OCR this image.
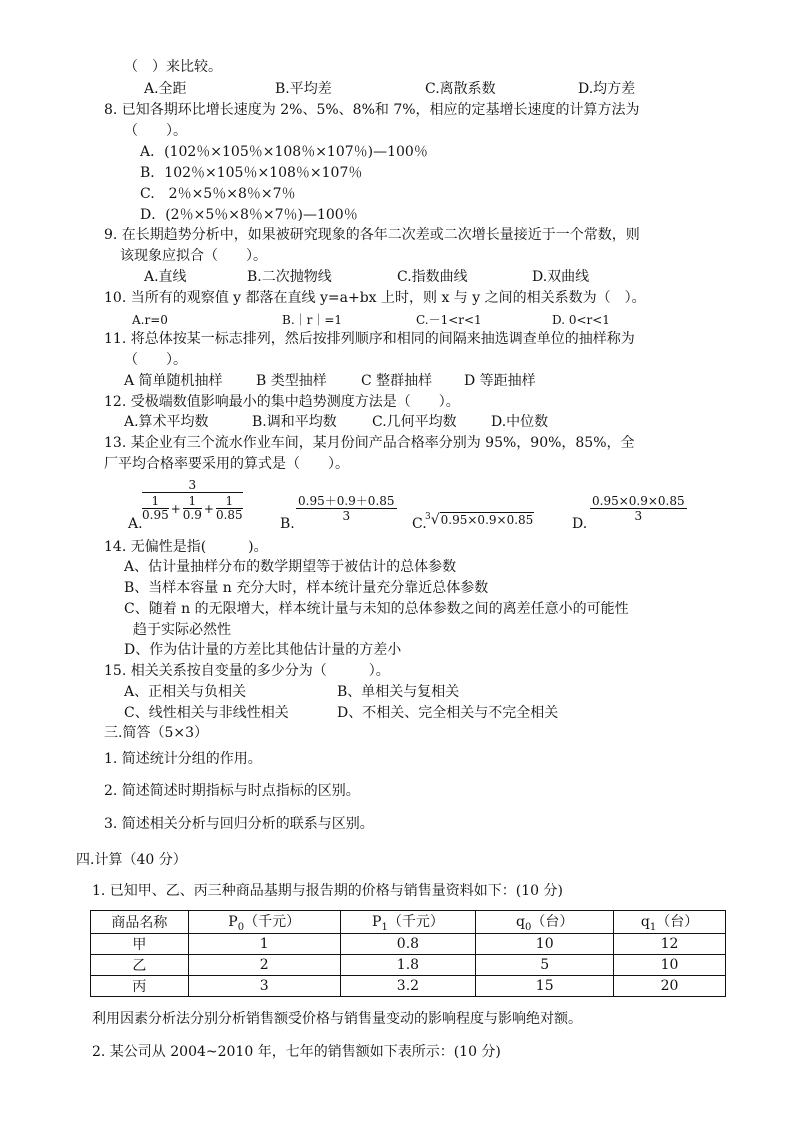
（　）来比较。
A.全距	B.平均差	C.离散系数	D.均方差
8. 已知各期环比增长速度为 2%、5%、8%和 7%，相应的定基增长速度的计算方法为
（　　）。
A．(102％×105％×108％×107％)—100％
B．102％×105％×108％×107％
C.　2％×5％×8％×7％
D．(2％×5％×8％×7％)—100％
9. 在长期趋势分析中，如果被研究现象的各年二次差或二次增长量接近于一个常数，则
该现象应拟合（　　）。
A.直线	B.二次抛物线	C.指数曲线	D.双曲线
10. 当所有的观察值 y 都落在直线 y=a+bx 上时，则 x 与 y 之间的相关系数为（　）。
A.r=0	B.｜r｜=1	C.－1<r<1	D. 0<r<1
11. 将总体按某一标志排列，然后按排列顺序和相同的间隔来抽选调查单位的抽样称为
（　　）。
A 简单随机抽样 B 类型抽样 C 整群抽样 D 等距抽样
12. 受极端数值影响最小的集中趋势测度方法是（　　）。
A.算术平均数	B.调和平均数	C.几何平均数 D.中位数
13. 某企业有三个流水作业车间，某月份间产品合格率分别为 95%，90%，85%，全
厂平均合格率要采用的算式是（　　）。
A.
3
1
0.95 +
1
0.9 +
1
0.85
B.
$\frac{0.95+0.9+0.85}{3}$
C.
$^3$√0.95×0.9×0.85	D.
$\frac{0.95\times 0.9\times 0.85}{3}$
14. 无偏性是指(　　　)。
A、估计量抽样分布的数学期望等于被估计的总体参数
B、当样本容量 n 充分大时，样本统计量充分靠近总体参数
C、随着 n 的无限增大，样本统计量与未知的总体参数之间的离差任意小的可能性
趋于实际必然性
D、作为估计量的方差比其他估计量的方差小
15. 相关关系按自变量的多少分为（　　　）。
A、正相关与负相关	B、单相关与复相关
C、线性相关与非线性相关	D、不相关、完全相关与不完全相关
三.简答（5×3）
1. 简述统计分组的作用。
2. 简述简述时期指标与时点指标的区别。
3. 简述相关分析与回归分析的联系与区别。
四.计算（40 分）
1. 已知甲、乙、丙三种商品基期与报告期的价格与销售量资料如下：(10 分)
商品名称	$P_0$（千元）	$P_1$（千元）	$q_0$（台）	$q_1$（台）
甲	1	0.8	10	12
乙	2	1.8	5	10
丙	3	3.2	15	20
利用因素分析法分别分析销售额受价格与销售量变动的影响程度与影响绝对额。
2. 某公司从 2004~2010 年，七年的销售额如下表所示：(10 分)
